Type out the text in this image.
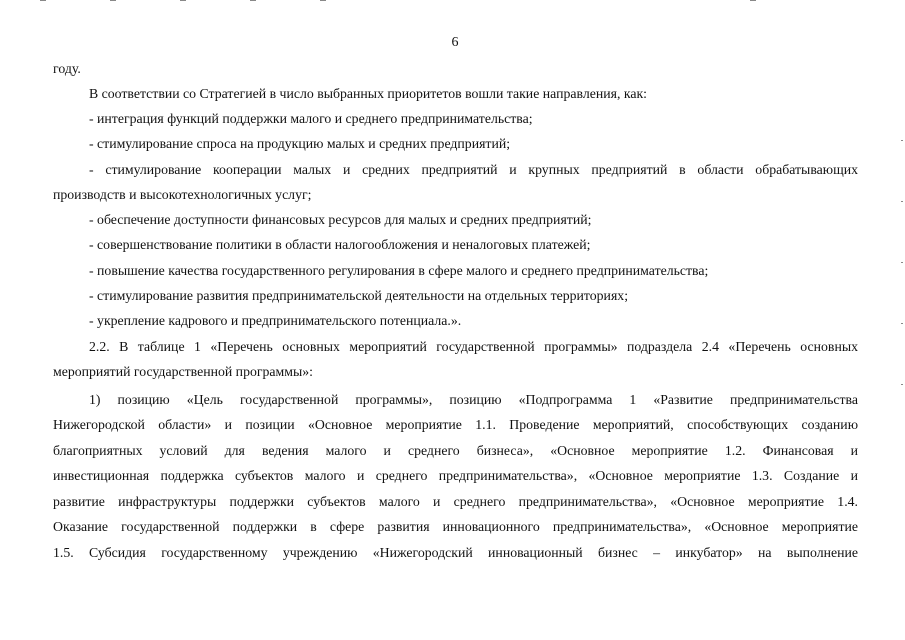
6

году.

В соответствии со Стратегией в число выбранных приоритетов вошли такие направления, как:

- интеграция функций поддержки малого и среднего предпринимательства;

- стимулирование спроса на продукцию малых и средних предприятий;

- стимулирование кооперации малых и средних предприятий и крупных предприятий в области обрабатывающих

производств и высокотехнологичных услуг;

- обеспечение доступности финансовых ресурсов для малых и средних предприятий;

- совершенствование политики в области налогообложения и неналоговых платежей;

- повышение качества государственного регулирования в сфере малого и среднего предпринимательства;

- стимулирование развития предпринимательской деятельности на отдельных территориях;

- укрепление кадрового и предпринимательского потенциала.».

2.2. В таблице 1 «Перечень основных мероприятий государственной программы» подраздела 2.4 «Перечень основных

мероприятий государственной программы»:

1) позицию «Цель государственной программы», позицию «Подпрограмма 1 «Развитие предпринимательства

Нижегородской области» и позиции «Основное мероприятие 1.1. Проведение мероприятий, способствующих созданию

благоприятных условий для ведения малого и среднего бизнеса», «Основное мероприятие 1.2. Финансовая и

инвестиционная поддержка субъектов малого и среднего предпринимательства», «Основное мероприятие 1.3. Создание и

развитие инфраструктуры поддержки субъектов малого и среднего предпринимательства», «Основное мероприятие 1.4.

Оказание государственной поддержки в сфере развития инновационного предпринимательства», «Основное мероприятие

1.5. Субсидия государственному учреждению «Нижегородский инновационный бизнес – инкубатор» на выполнение
